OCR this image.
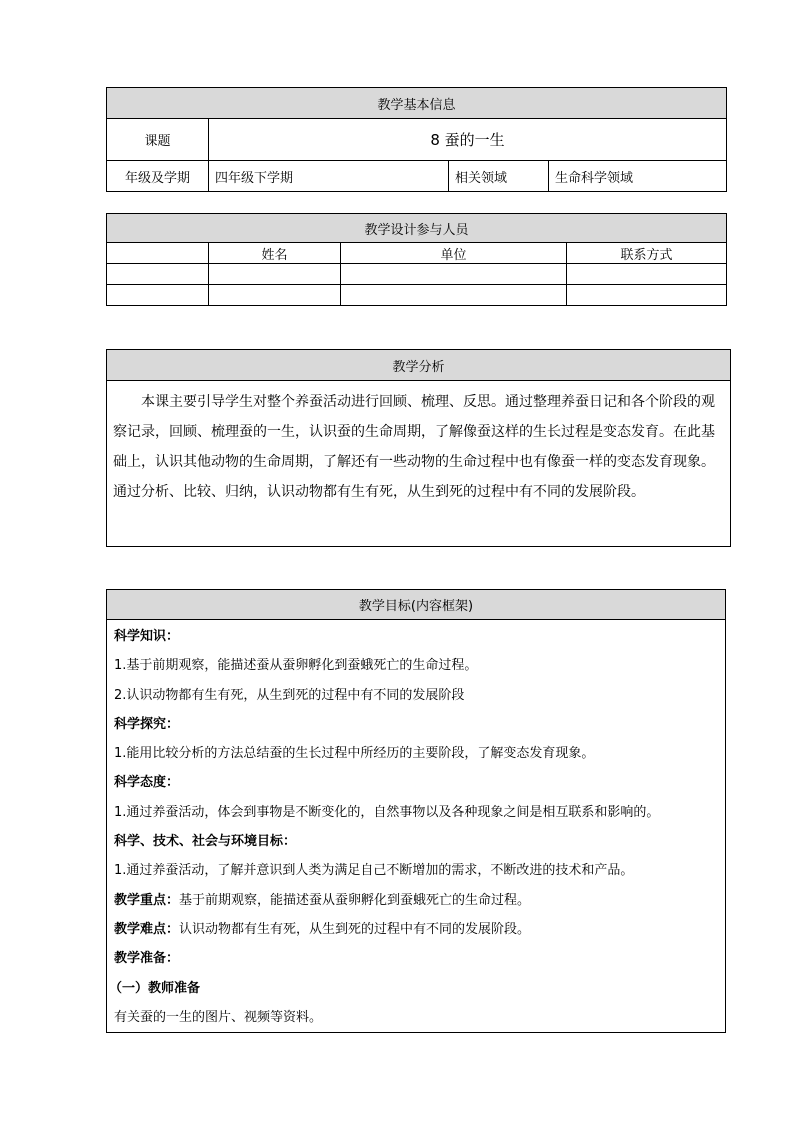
教学基本信息			
课题	8 蚕的一生		
年级及学期	四年级下学期	相关领域	生命科学领域
教学设计参与人员			
	姓名	单位	联系方式

教学分析
本课主要引导学生对整个养蚕活动进行回顾、梳理、反思。通过整理养蚕日记和各个阶段的观察记录，回顾、梳理蚕的一生，认识蚕的生命周期，了解像蚕这样的生长过程是变态发育。在此基础上，认识其他动物的生命周期，了解还有一些动物的生命过程中也有像蚕一样的变态发育现象。通过分析、比较、归纳，认识动物都有生有死，从生到死的过程中有不同的发展阶段。
教学目标(内容框架)

科学知识：
1.基于前期观察，能描述蚕从蚕卵孵化到蚕蛾死亡的生命过程。
2.认识动物都有生有死，从生到死的过程中有不同的发展阶段
科学探究：
1.能用比较分析的方法总结蚕的生长过程中所经历的主要阶段，了解变态发育现象。
科学态度：
1.通过养蚕活动，体会到事物是不断变化的，自然事物以及各种现象之间是相互联系和影响的。
科学、技术、社会与环境目标：
1.通过养蚕活动，了解并意识到人类为满足自己不断增加的需求，不断改进的技术和产品。
教学重点：基于前期观察，能描述蚕从蚕卵孵化到蚕蛾死亡的生命过程。
教学难点：认识动物都有生有死，从生到死的过程中有不同的发展阶段。
教学准备：
（一）教师准备
有关蚕的一生的图片、视频等资料。
